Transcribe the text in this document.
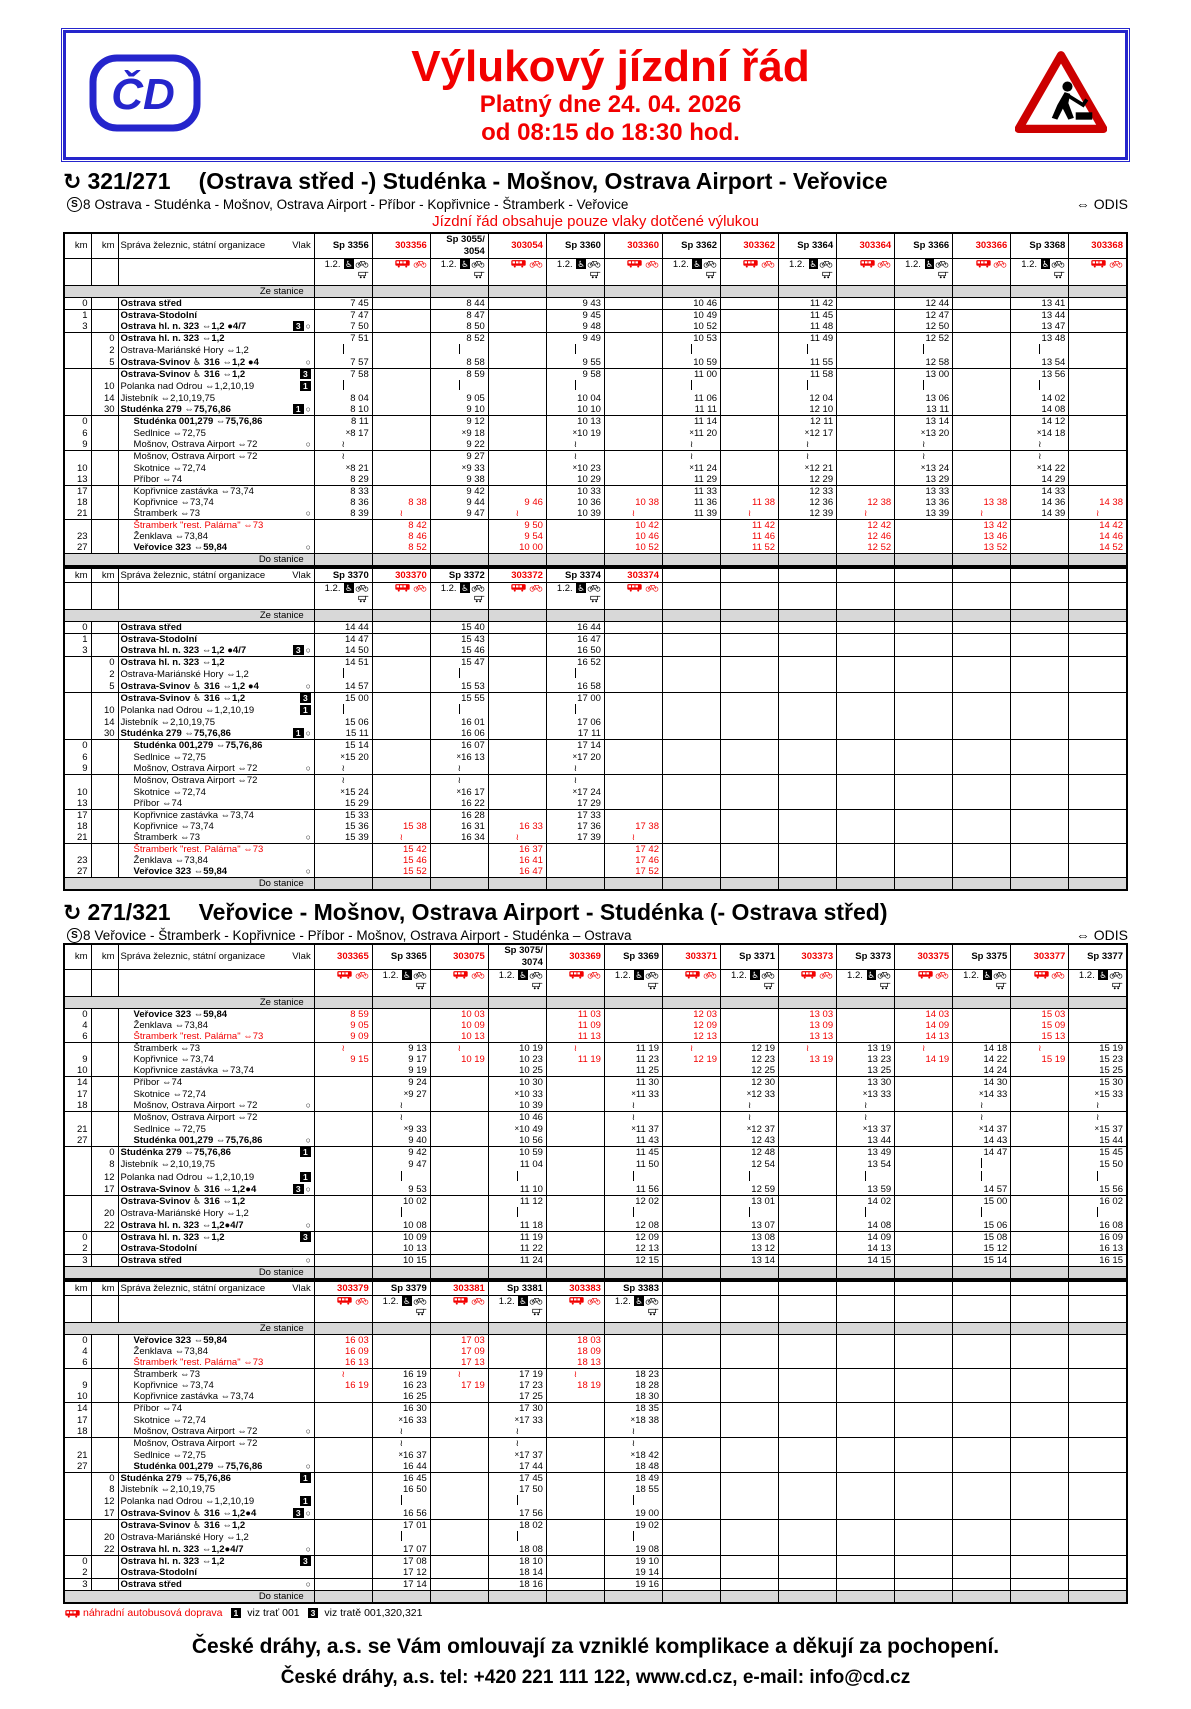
ČD
Výlukový jízdní řád
Platný dne 24. 04. 2026
od 08:15 do 18:30 hod.
↻ 321/271 (Ostrava střed -) Studénka - Mošnov, Ostrava Airport - Veřovice
S 8 Ostrava - Studénka - Mošnov, Ostrava Airport - Příbor - Kopřivnice - Štramberk - Veřovice	⇔ ODIS
Jízdní řád obsahuje pouze vlaky dotčené výlukou
km	km	Správa železnic, státní organizace Vlak	Sp 3356	303356	Sp 3055/ 3054	303054	Sp 3360	303360	Sp 3362	303362	Sp 3364	303364	Sp 3366	303366	Sp 3368	303368

			1.2. ♿		1.2. ♿		1.2. ♿		1.2. ♿		1.2. ♿		1.2. ♿		1.2. ♿

Ze stanice																
0		Ostrava střed	7 45		8 44		9 43		10 46		11 42		12 44		13 41	
1		Ostrava-Stodolní	7 47		8 47		9 45		10 49		11 45		12 47		13 44	
3		Ostrava hl. n. 323 ⇔1,2 ●4/7 3 ○	7 50		8 50		9 48		10 52		11 48		12 50		13 47	
	0	Ostrava hl. n. 323 ⇔1,2	7 51		8 52		9 49		10 53		11 49		12 52		13 48	
	2	Ostrava-Mariánské Hory ⇔1,2

	5	Ostrava-Svinov ♿ 316 ⇔1,2 ●4 ○	7 57		8 58		9 55		10 59		11 55		12 58		13 54	
		Ostrava-Svinov ♿ 316 ⇔1,2 3	7 58		8 59		9 58		11 00		11 58		13 00		13 56	
	10	Polanka nad Odrou ⇔1,2,10,19 1														

	14	Jistebník ⇔2,10,19,75	8 04		9 05		10 04		11 06		12 04		13 06		14 02	
	30	Studénka 279 ⇔75,76,86 1 ○	8 10		9 10		10 10		11 11		12 10		13 11		14 08	
0		Studénka 001,279 ⇔75,76,86	8 11		9 12		10 13		11 14		12 11		13 14		14 12	
6		Sedlnice ⇔72,75	×8 17		×9 18		×10 19		×11 20		×12 17		×13 20		×14 18	
9		Mošnov, Ostrava Airport ⇔72 ○	≀		9 22		≀		≀		≀		≀		≀	
		Mošnov, Ostrava Airport ⇔72	≀		9 27		≀		≀		≀		≀		≀	
10		Skotnice ⇔72,74	×8 21		×9 33		×10 23		×11 24		×12 21		×13 24		×14 22	
13		Příbor ⇔74	8 29		9 38		10 29		11 29		12 29		13 29		14 29	
17		Kopřivnice zastávka ⇔73,74	8 33		9 42		10 33		11 33		12 33		13 33		14 33	
18		Kopřivnice ⇔73,74	8 36	8 38	9 44	9 46	10 36	10 38	11 36	11 38	12 36	12 38	13 36	13 38	14 36	14 38
21		Štramberk ⇔73 ○	8 39	≀	9 47	≀	10 39	≀	11 39	≀	12 39	≀	13 39	≀	14 39	≀
		Štramberk "rest. Palárna" ⇔73		8 42		9 50		10 42		11 42		12 42		13 42		14 42
23		Ženklava ⇔73,84		8 46		9 54		10 46		11 46		12 46		13 46		14 46
27		Veřovice 323 ⇔59,84 ○		8 52		10 00		10 52		11 52		12 52		13 52		14 52
Do stanice																
km	km	Správa železnic, státní organizace Vlak	Sp 3370	303370	Sp 3372	303372	Sp 3374	303374								

			1.2. ♿		1.2. ♿		1.2. ♿

Ze stanice																
0		Ostrava střed	14 44		15 40		16 44									
1		Ostrava-Stodolní	14 47		15 43		16 47									
3		Ostrava hl. n. 323 ⇔1,2 ●4/7 3 ○	14 50		15 46		16 50									
	0	Ostrava hl. n. 323 ⇔1,2	14 51		15 47		16 52									
	2	Ostrava-Mariánské Hory ⇔1,2

	5	Ostrava-Svinov ♿ 316 ⇔1,2 ●4 ○	14 57		15 53		16 58									
		Ostrava-Svinov ♿ 316 ⇔1,2 3	15 00		15 55		17 00									
	10	Polanka nad Odrou ⇔1,2,10,19 1														

	14	Jistebník ⇔2,10,19,75	15 06		16 01		17 06									
	30	Studénka 279 ⇔75,76,86 1 ○	15 11		16 06		17 11									
0		Studénka 001,279 ⇔75,76,86	15 14		16 07		17 14									
6		Sedlnice ⇔72,75	×15 20		×16 13		×17 20									
9		Mošnov, Ostrava Airport ⇔72 ○	≀		≀		≀									
		Mošnov, Ostrava Airport ⇔72	≀		≀		≀									
10		Skotnice ⇔72,74	×15 24		×16 17		×17 24									
13		Příbor ⇔74	15 29		16 22		17 29									
17		Kopřivnice zastávka ⇔73,74	15 33		16 28		17 33									
18		Kopřivnice ⇔73,74	15 36	15 38	16 31	16 33	17 36	17 38								
21		Štramberk ⇔73 ○	15 39	≀	16 34	≀	17 39	≀								
		Štramberk "rest. Palárna" ⇔73		15 42		16 37		17 42								
23		Ženklava ⇔73,84		15 46		16 41		17 46								
27		Veřovice 323 ⇔59,84 ○		15 52		16 47		17 52								
Do stanice																
↻ 271/321 Veřovice - Mošnov, Ostrava Airport - Studénka (- Ostrava střed)
S 8 Veřovice - Štramberk - Kopřivnice - Příbor - Mošnov, Ostrava Airport - Studénka – Ostrava	⇔ ODIS
km	km	Správa železnic, státní organizace Vlak	303365	Sp 3365	303075	Sp 3075/ 3074	303369	Sp 3369	303371	Sp 3371	303373	Sp 3373	303375	Sp 3375	303377	Sp 3377

1.2. ♿		1.2. ♿		1.2. ♿		1.2. ♿		1.2. ♿		1.2. ♿		1.2. ♿

Ze stanice																
0		Veřovice 323 ⇔59,84	8 59		10 03		11 03		12 03		13 03		14 03		15 03	
4		Ženklava ⇔73,84	9 05		10 09		11 09		12 09		13 09		14 09		15 09	
6		Štramberk "rest. Palárna" ⇔73	9 09		10 13		11 13		12 13		13 13		14 13		15 13	
		Štramberk ⇔73	≀	9 13	≀	10 19	≀	11 19	≀	12 19	≀	13 19	≀	14 18	≀	15 19
9		Kopřivnice ⇔73,74	9 15	9 17	10 19	10 23	11 19	11 23	12 19	12 23	13 19	13 23	14 19	14 22	15 19	15 23
10		Kopřivnice zastávka ⇔73,74		9 19		10 25		11 25		12 25		13 25		14 24		15 25
14		Příbor ⇔74		9 24		10 30		11 30		12 30		13 30		14 30		15 30
17		Skotnice ⇔72,74		×9 27		×10 33		×11 33		×12 33		×13 33		×14 33		×15 33
18		Mošnov, Ostrava Airport ⇔72 ○		≀		10 39		≀		≀		≀		≀		≀
		Mošnov, Ostrava Airport ⇔72		≀		10 46		≀		≀		≀		≀		≀
21		Sedlnice ⇔72,75		×9 33		×10 49		×11 37		×12 37		×13 37		×14 37		×15 37
27		Studénka 001,279 ⇔75,76,86 ○		9 40		10 56		11 43		12 43		13 44		14 43		15 44
	0	Studénka 279 ⇔75,76,86 1		9 42		10 59		11 45		12 48		13 49		14 47		15 45
	8	Jistebník ⇔2,10,19,75		9 47		11 04		11 50		12 54		13 54				15 50
	12	Polanka nad Odrou ⇔1,2,10,19 1														

	17	Ostrava-Svinov ♿ 316 ⇔1,2●4 3 ○		9 53		11 10		11 56		12 59		13 59		14 57		15 56
		Ostrava-Svinov ♿ 316 ⇔1,2		10 02		11 12		12 02		13 01		14 02		15 00		16 02
	20	Ostrava-Mariánské Hory ⇔1,2

	22	Ostrava hl. n. 323 ⇔1,2●4/7 ○		10 08		11 18		12 08		13 07		14 08		15 06		16 08
0		Ostrava hl. n. 323 ⇔1,2 3		10 09		11 19		12 09		13 08		14 09		15 08		16 09
2		Ostrava-Stodolní		10 13		11 22		12 13		13 12		14 13		15 12		16 13
3		Ostrava střed ○		10 15		11 24		12 15		13 14		14 15		15 14		16 15
Do stanice																
km	km	Správa železnic, státní organizace Vlak	303379	Sp 3379	303381	Sp 3381	303383	Sp 3383								

1.2. ♿		1.2. ♿		1.2. ♿								

Ze stanice																
0		Veřovice 323 ⇔59,84	16 03		17 03		18 03									
4		Ženklava ⇔73,84	16 09		17 09		18 09									
6		Štramberk "rest. Palárna" ⇔73	16 13		17 13		18 13									
		Štramberk ⇔73	≀	16 19	≀	17 19	≀	18 23								
9		Kopřivnice ⇔73,74	16 19	16 23	17 19	17 23	18 19	18 28								
10		Kopřivnice zastávka ⇔73,74		16 25		17 25		18 30								
14		Příbor ⇔74		16 30		17 30		18 35								
17		Skotnice ⇔72,74		×16 33		×17 33		×18 38								
18		Mošnov, Ostrava Airport ⇔72 ○		≀		≀		≀								
		Mošnov, Ostrava Airport ⇔72		≀		≀		≀								
21		Sedlnice ⇔72,75		×16 37		×17 37		×18 42								
27		Studénka 001,279 ⇔75,76,86 ○		16 44		17 44		18 48								
	0	Studénka 279 ⇔75,76,86 1		16 45		17 45		18 49								
	8	Jistebník ⇔2,10,19,75		16 50		17 50		18 55								
	12	Polanka nad Odrou ⇔1,2,10,19 1														

	17	Ostrava-Svinov ♿ 316 ⇔1,2●4 3 ○		16 56		17 56		19 00								
		Ostrava-Svinov ♿ 316 ⇔1,2		17 01		18 02		19 02								
	20	Ostrava-Mariánské Hory ⇔1,2

	22	Ostrava hl. n. 323 ⇔1,2●4/7 ○		17 07		18 08		19 08								
0		Ostrava hl. n. 323 ⇔1,2 3		17 08		18 10		19 10								
2		Ostrava-Stodolní		17 12		18 14		19 14								
3		Ostrava střed ○		17 14		18 16		19 16								
Do stanice																
náhradní autobusová doprava	1 viz trať 001	3 viz tratě 001,320,321
České dráhy, a.s. se Vám omlouvají za vzniklé komplikace a děkují za pochopení.
České dráhy, a.s. tel: +420 221 111 122, www.cd.cz, e-mail: info@cd.cz
